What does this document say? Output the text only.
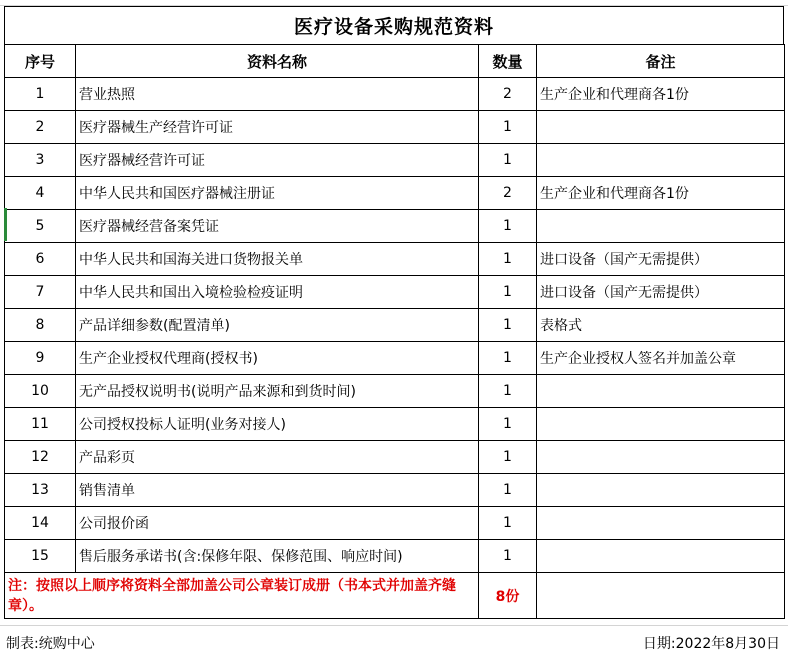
医疗设备采购规范资料
序号	资料名称	数量	备注
1	营业热照	2	生产企业和代理商各1份
2	医疗器械生产经营许可证	1	
3	医疗器械经营许可证	1	
4	中华人民共和国医疗器械注册证	2	生产企业和代理商各1份
5	医疗器械经营备案凭证	1	
6	中华人民共和国海关进口货物报关单	1	进口设备（国产无需提供）
7	中华人民共和国出入境检验检疫证明	1	进口设备（国产无需提供）
8	产品详细参数(配置清单)	1	表格式
9	生产企业授权代理商(授权书)	1	生产企业授权人签名并加盖公章
10	无产品授权说明书(说明产品来源和到货时间)	1	
11	公司授权投标人证明(业务对接人)	1	
12	产品彩页	1	
13	销售清单	1	
14	公司报价函	1	
15	售后服务承诺书(含:保修年限、保修范围、响应时间)	1	
注：按照以上顺序将资料全部加盖公司公章装订成册（书本式并加盖齐缝章）。		8份	
制表:统购中心	日期:2022年8月30日
